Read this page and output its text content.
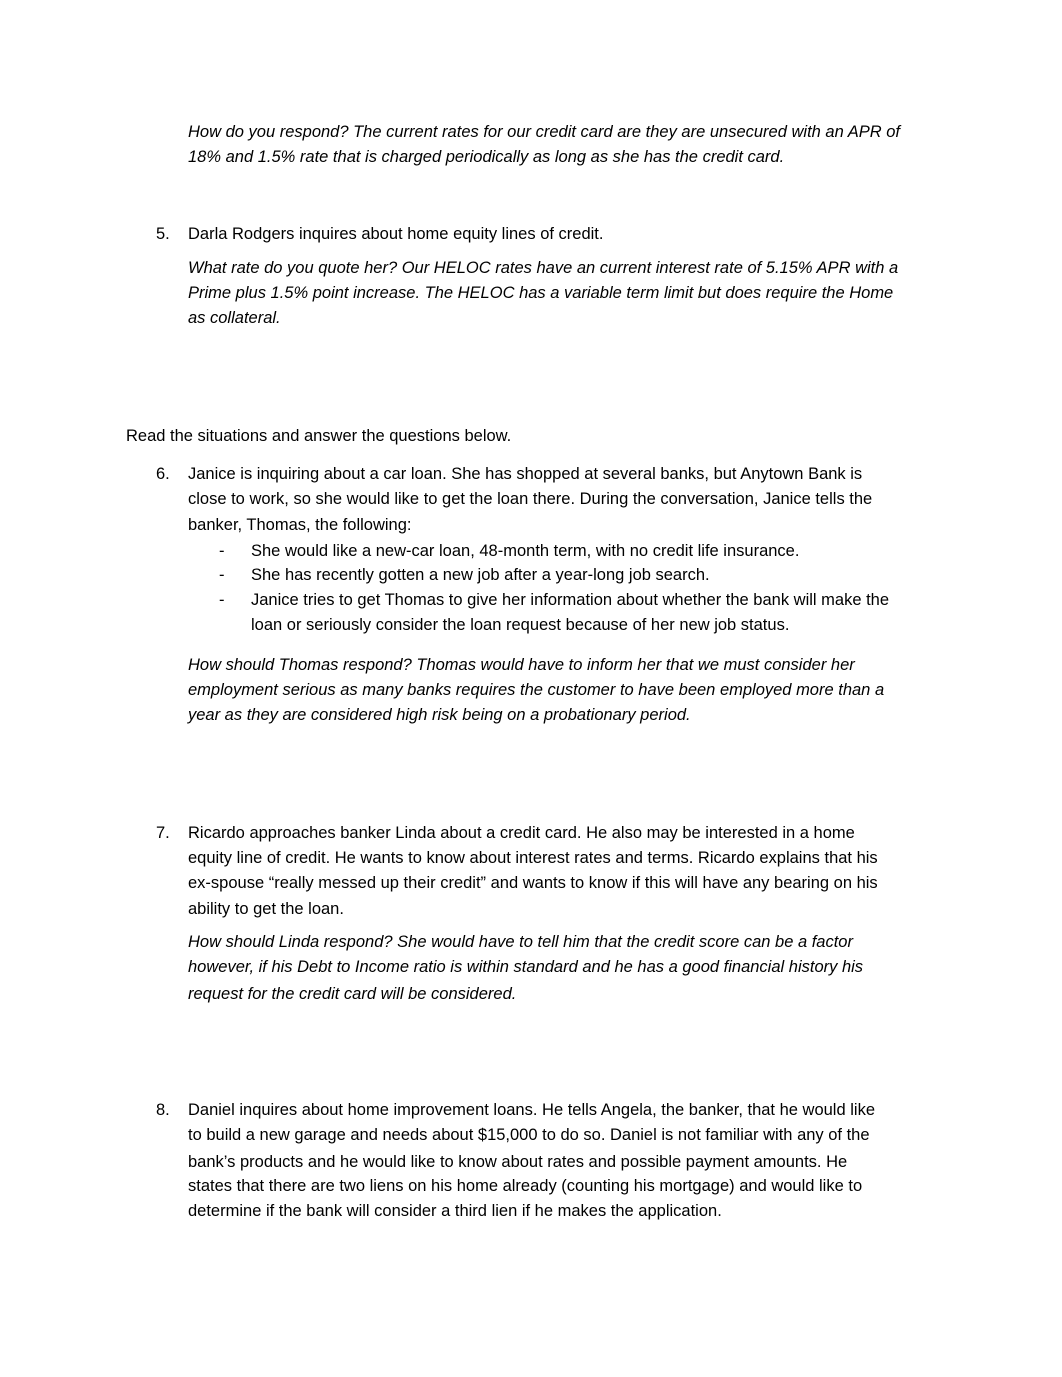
How do you respond? The current rates for our credit card are they are unsecured with an APR of
18% and 1.5% rate that is charged periodically as long as she has the credit card.
5. Darla Rodgers inquires about home equity lines of credit.
What rate do you quote her? Our HELOC rates have an current interest rate of 5.15% APR with a
Prime plus 1.5% point increase. The HELOC has a variable term limit but does require the Home
as collateral.
Read the situations and answer the questions below.
6. Janice is inquiring about a car loan. She has shopped at several banks, but Anytown Bank is
close to work, so she would like to get the loan there. During the conversation, Janice tells the
banker, Thomas, the following:
- She would like a new-car loan, 48-month term, with no credit life insurance.
- She has recently gotten a new job after a year-long job search.
- Janice tries to get Thomas to give her information about whether the bank will make the
loan or seriously consider the loan request because of her new job status.
How should Thomas respond? Thomas would have to inform her that we must consider her
employment serious as many banks requires the customer to have been employed more than a
year as they are considered high risk being on a probationary period.
7. Ricardo approaches banker Linda about a credit card. He also may be interested in a home
equity line of credit. He wants to know about interest rates and terms. Ricardo explains that his
ex-spouse “really messed up their credit” and wants to know if this will have any bearing on his
ability to get the loan.
How should Linda respond? She would have to tell him that the credit score can be a factor
however, if his Debt to Income ratio is within standard and he has a good financial history his
request for the credit card will be considered.
8. Daniel inquires about home improvement loans. He tells Angela, the banker, that he would like
to build a new garage and needs about $15,000 to do so. Daniel is not familiar with any of the
bank’s products and he would like to know about rates and possible payment amounts. He
states that there are two liens on his home already (counting his mortgage) and would like to
determine if the bank will consider a third lien if he makes the application.
